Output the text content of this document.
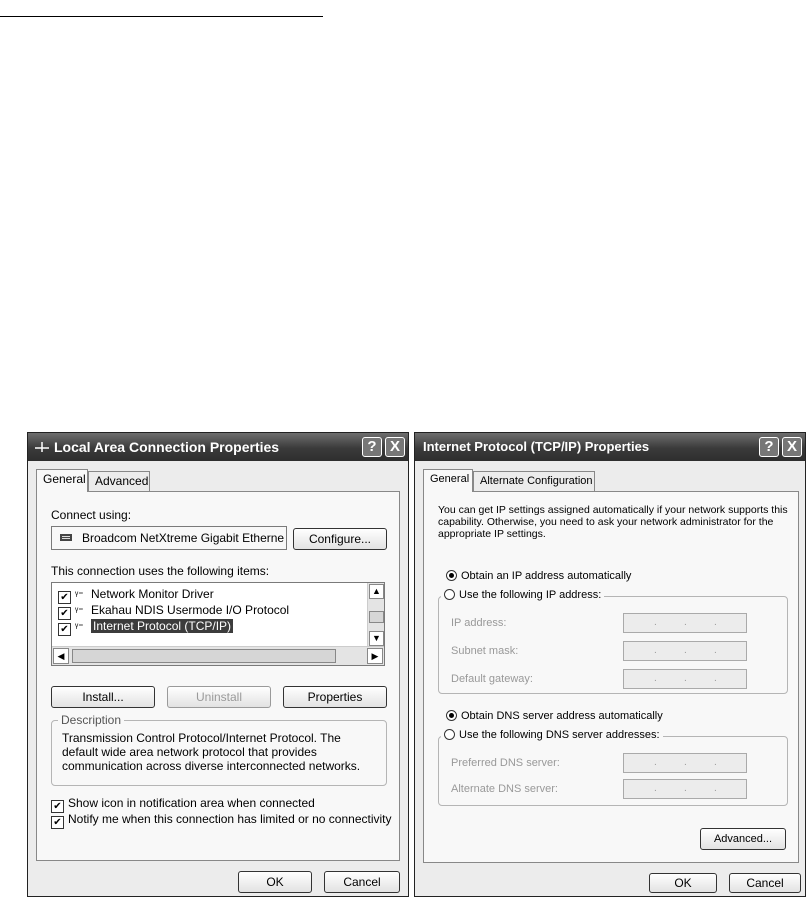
Local Area Connection Properties	? X
General Advanced
Connect using:
Broadcom NetXtreme Gigabit Etherne	Configure...
This connection uses the following items:
✔ ᵞ⁼ Network Monitor Driver
✔ ᵞ⁼ Ekahau NDIS Usermode I/O Protocol
✔ ᵞ⁼ Internet Protocol (TCP/IP)
▲
▼
◀	▶
Install...	Uninstall	Properties
Description
Transmission Control Protocol/Internet Protocol. The default wide area network protocol that provides communication across diverse interconnected networks.
✔ Show icon in notification area when connected
✔ Notify me when this connection has limited or no connectivity
OK	Cancel
Internet Protocol (TCP/IP) Properties	? X
General Alternate Configuration
You can get IP settings assigned automatically if your network supports this capability. Otherwise, you need to ask your network administrator for the appropriate IP settings.
Obtain an IP address automatically
Use the following IP address:
IP address:	.	.	.
Subnet mask:	.	.	.
Default gateway:	.	.	.
Obtain DNS server address automatically
Use the following DNS server addresses:
Preferred DNS server:	.	.	.
Alternate DNS server:	.	.	.
Advanced...
OK	Cancel
